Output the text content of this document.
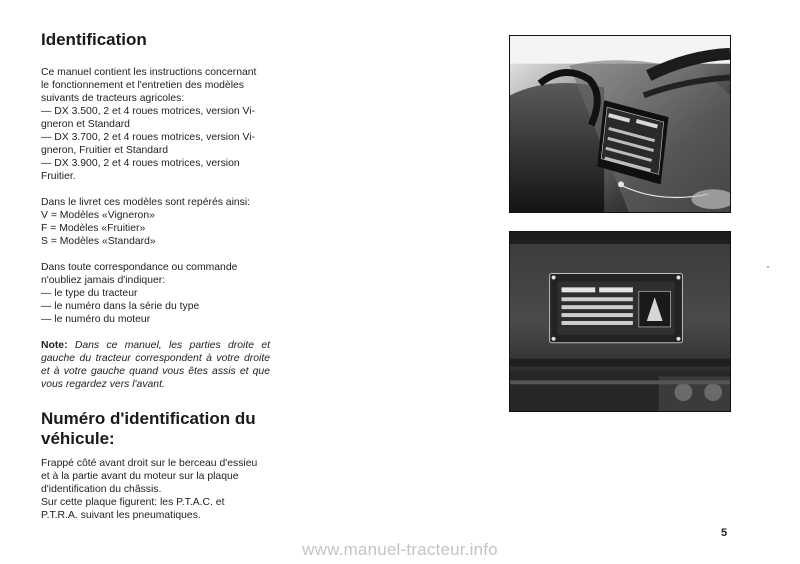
Identification

Ce manuel contient les instructions concernant

le fonctionnement et l'entretien des modèles

suivants de tracteurs agricoles:

— DX 3.500, 2 et 4 roues motrices, version Vi-

gneron et Standard

— DX 3.700, 2 et 4 roues motrices, version Vi-

gneron, Fruitier et Standard

— DX 3.900, 2 et 4 roues motrices, version

Fruitier.

Dans le livret ces modèles sont repérés ainsi:

V = Modèles «Vigneron»

F = Modèles «Fruitier»

S = Modèles «Standard»

Dans toute correspondance ou commande

n'oubliez jamais d'indiquer:

— le type du tracteur

— le numéro dans la série du type

— le numéro du moteur

Note: Dans ce manuel, les parties droite et gauche du tracteur correspondent à votre droite et à votre gauche quand vous êtes assis et que vous regardez vers l'avant.

Numéro d'identification du
véhicule:

Frappé côté avant droit sur le berceau d'essieu

et à la partie avant du moteur sur la plaque

d'identification du châssis.

Sur cette plaque figurent: les P.T.A.C. et

P.T.R.A. suivant les pneumatiques.

5
www.manuel-tracteur.info
